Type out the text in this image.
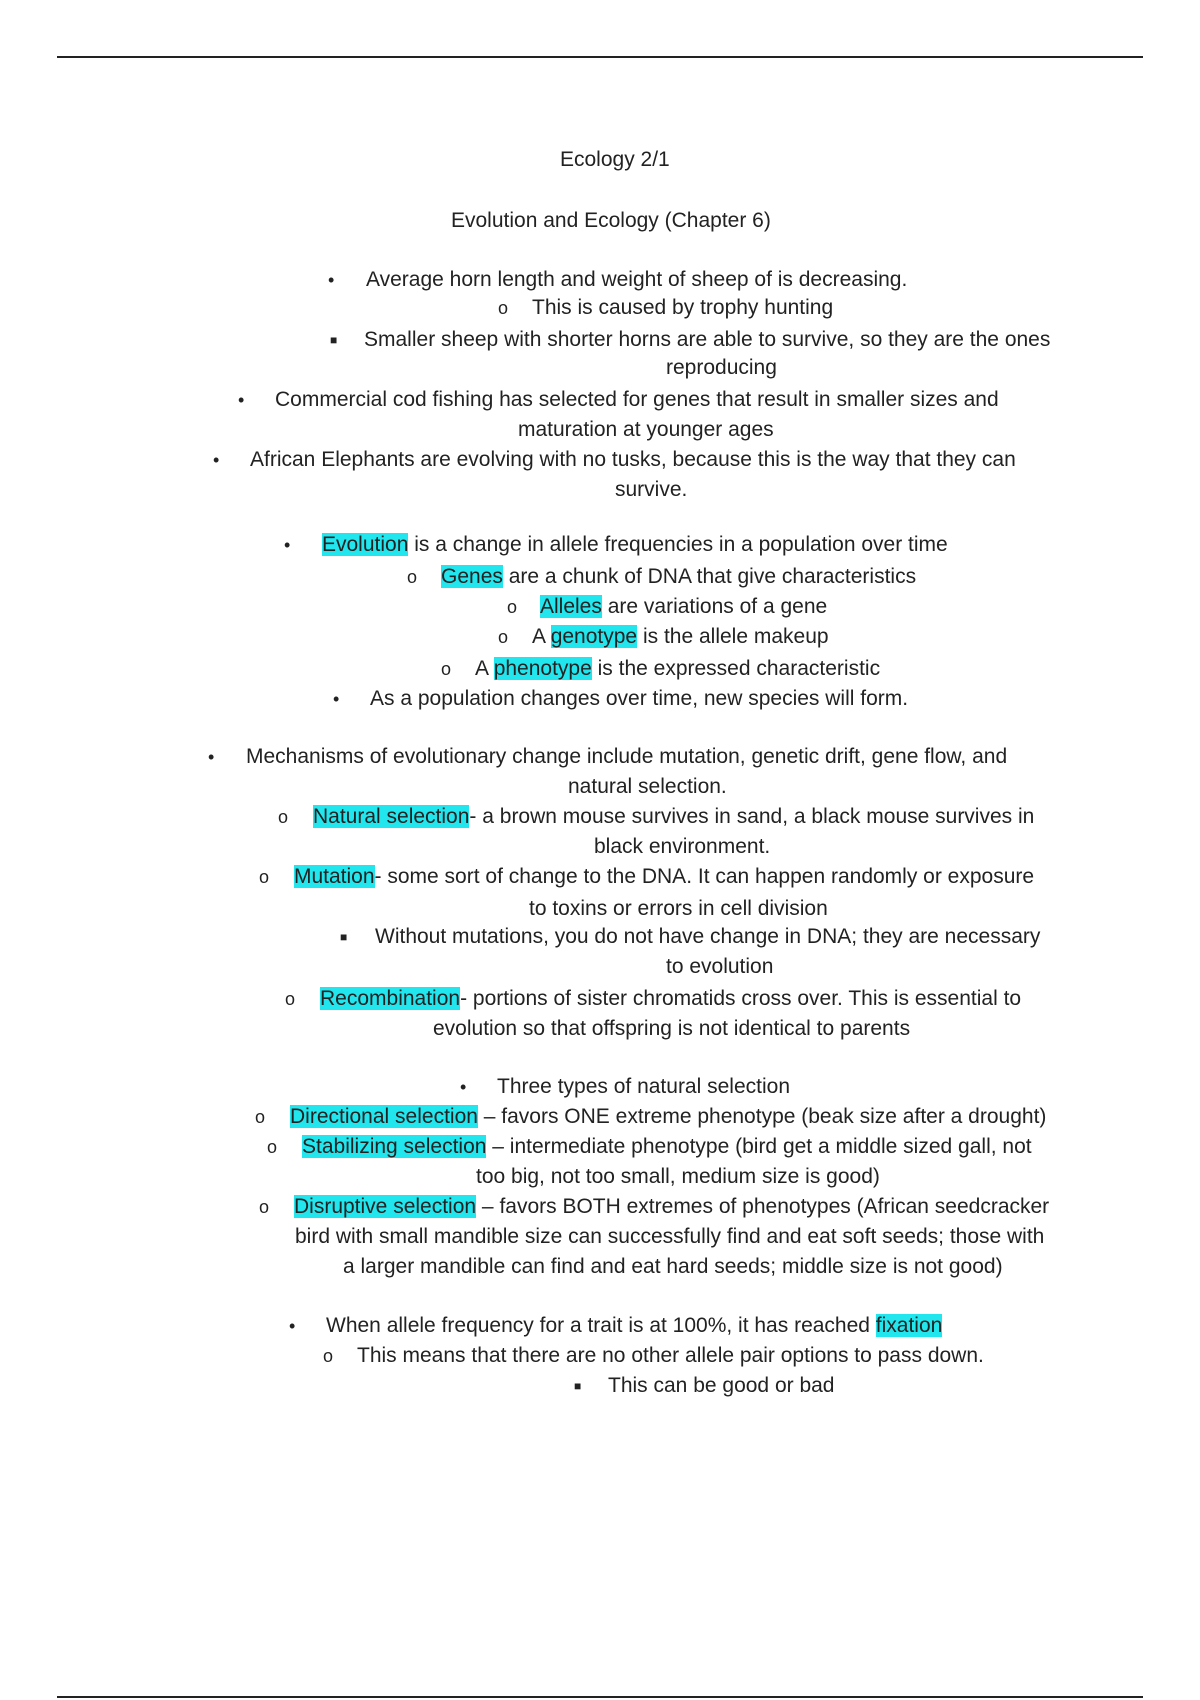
Ecology 2/1
Evolution and Ecology (Chapter 6)
• Average horn length and weight of sheep of is decreasing.
o This is caused by trophy hunting
■ Smaller sheep with shorter horns are able to survive, so they are the ones
reproducing
• Commercial cod fishing has selected for genes that result in smaller sizes and
maturation at younger ages
• African Elephants are evolving with no tusks, because this is the way that they can
survive.
• Evolution is a change in allele frequencies in a population over time
o Genes are a chunk of DNA that give characteristics
o Alleles are variations of a gene
o A genotype is the allele makeup
o A phenotype is the expressed characteristic
• As a population changes over time, new species will form.
• Mechanisms of evolutionary change include mutation, genetic drift, gene flow, and
natural selection.
o Natural selection- a brown mouse survives in sand, a black mouse survives in
black environment.
o Mutation- some sort of change to the DNA. It can happen randomly or exposure
to toxins or errors in cell division
■ Without mutations, you do not have change in DNA; they are necessary
to evolution
o Recombination- portions of sister chromatids cross over. This is essential to
evolution so that offspring is not identical to parents
• Three types of natural selection
o Directional selection – favors ONE extreme phenotype (beak size after a drought)
o Stabilizing selection – intermediate phenotype (bird get a middle sized gall, not
too big, not too small, medium size is good)
o Disruptive selection – favors BOTH extremes of phenotypes (African seedcracker
bird with small mandible size can successfully find and eat soft seeds; those with
a larger mandible can find and eat hard seeds; middle size is not good)
• When allele frequency for a trait is at 100%, it has reached fixation
o This means that there are no other allele pair options to pass down.
■ This can be good or bad
